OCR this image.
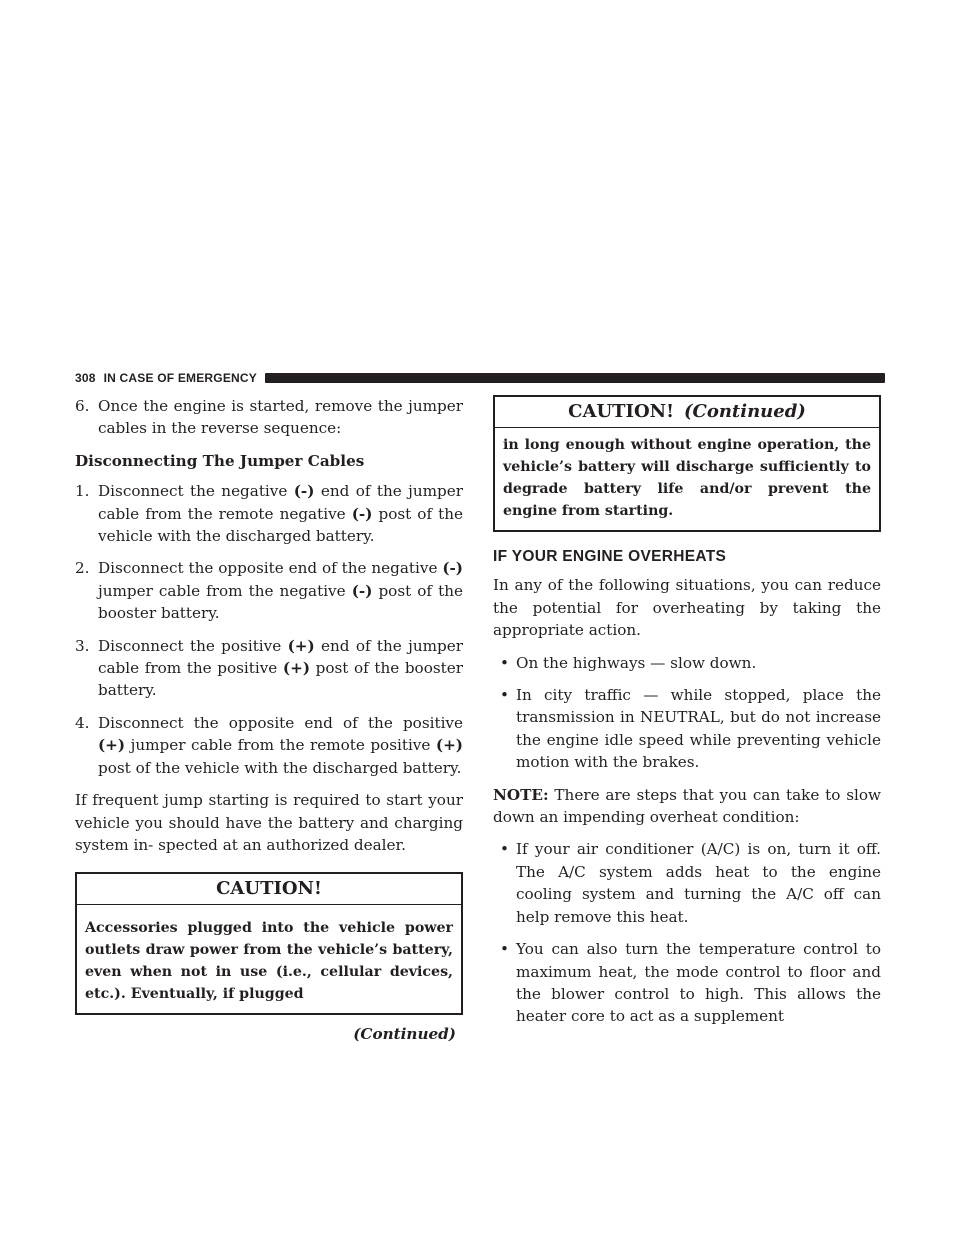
308 IN CASE OF EMERGENCY

6. Once the engine is started, remove the jumper cables in the reverse sequence:

Disconnecting The Jumper Cables

1. Disconnect the negative (-) end of the jumper cable from the remote negative (-) post of the vehicle with the discharged battery.

2. Disconnect the opposite end of the negative (-) jumper cable from the negative (-) post of the booster battery.

3. Disconnect the positive (+) end of the jumper cable from the positive (+) post of the booster battery.

4. Disconnect the opposite end of the positive (+) jumper cable from the remote positive (+) post of the vehicle with the discharged battery.

If frequent jump starting is required to start your vehicle you should have the battery and charging system in- spected at an authorized dealer.

CAUTION!
Accessories plugged into the vehicle power outlets draw power from the vehicle’s battery, even when not in use (i.e., cellular devices, etc.). Eventually, if plugged
(Continued)
CAUTION! (Continued)
in long enough without engine operation, the vehicle’s battery will discharge sufficiently to degrade battery life and/or prevent the engine from starting.
IF YOUR ENGINE OVERHEATS

In any of the following situations, you can reduce the potential for overheating by taking the appropriate action.

• On the highways — slow down.

• In city traffic — while stopped, place the transmission in NEUTRAL, but do not increase the engine idle speed while preventing vehicle motion with the brakes.

NOTE: There are steps that you can take to slow down an impending overheat condition:

• If your air conditioner (A/C) is on, turn it off. The A/C system adds heat to the engine cooling system and turning the A/C off can help remove this heat.

• You can also turn the temperature control to maximum heat, the mode control to floor and the blower control to high. This allows the heater core to act as a supplement
